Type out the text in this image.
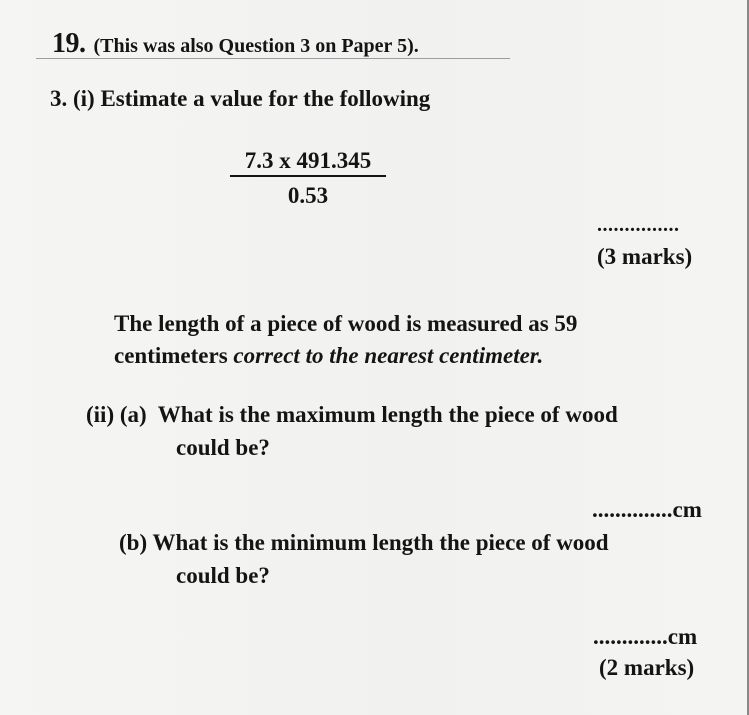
19. (This was also Question 3 on Paper 5).
3. (i) Estimate a value for the following
7.3 x 491.345
0.53
...............
(3 marks)
The length of a piece of wood is measured as 59
centimeters correct to the nearest centimeter.
(ii) (a)  What is the maximum length the piece of wood
could be?
..............cm
(b) What is the minimum length the piece of wood
could be?
.............cm
(2 marks)
